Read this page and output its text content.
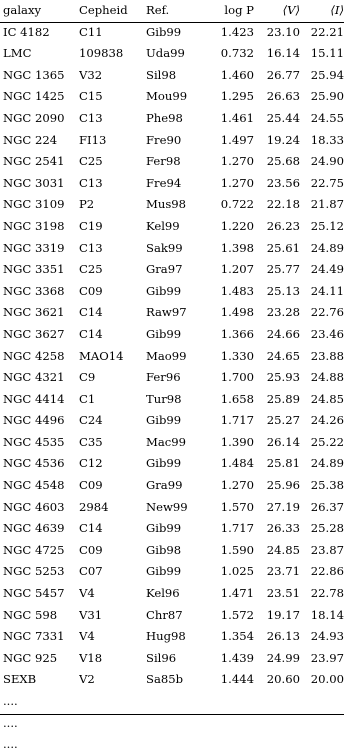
galaxy	Cepheid	Ref.	log P	⟨V⟩	⟨I⟩
IC 4182	C11	Gib99	1.423	23.10	22.21
LMC	109838	Uda99	0.732	16.14	15.11
NGC 1365	V32	Sil98	1.460	26.77	25.94
NGC 1425	C15	Mou99	1.295	26.63	25.90
NGC 2090	C13	Phe98	1.461	25.44	24.55
NGC 224	FI13	Fre90	1.497	19.24	18.33
NGC 2541	C25	Fer98	1.270	25.68	24.90
NGC 3031	C13	Fre94	1.270	23.56	22.75
NGC 3109	P2	Mus98	0.722	22.18	21.87
NGC 3198	C19	Kel99	1.220	26.23	25.12
NGC 3319	C13	Sak99	1.398	25.61	24.89
NGC 3351	C25	Gra97	1.207	25.77	24.49
NGC 3368	C09	Gib99	1.483	25.13	24.11
NGC 3621	C14	Raw97	1.498	23.28	22.76
NGC 3627	C14	Gib99	1.366	24.66	23.46
NGC 4258	MAO14	Mao99	1.330	24.65	23.88
NGC 4321	C9	Fer96	1.700	25.93	24.88
NGC 4414	C1	Tur98	1.658	25.89	24.85
NGC 4496	C24	Gib99	1.717	25.27	24.26
NGC 4535	C35	Mac99	1.390	26.14	25.22
NGC 4536	C12	Gib99	1.484	25.81	24.89
NGC 4548	C09	Gra99	1.270	25.96	25.38
NGC 4603	2984	New99	1.570	27.19	26.37
NGC 4639	C14	Gib99	1.717	26.33	25.28
NGC 4725	C09	Gib98	1.590	24.85	23.87
NGC 5253	C07	Gib99	1.025	23.71	22.86
NGC 5457	V4	Kel96	1.471	23.51	22.78
NGC 598	V31	Chr87	1.572	19.17	18.14
NGC 7331	V4	Hug98	1.354	26.13	24.93
NGC 925	V18	Sil96	1.439	24.99	23.97
SEXB	V2	Sa85b	1.444	20.60	20.00
....					
....					
....					
